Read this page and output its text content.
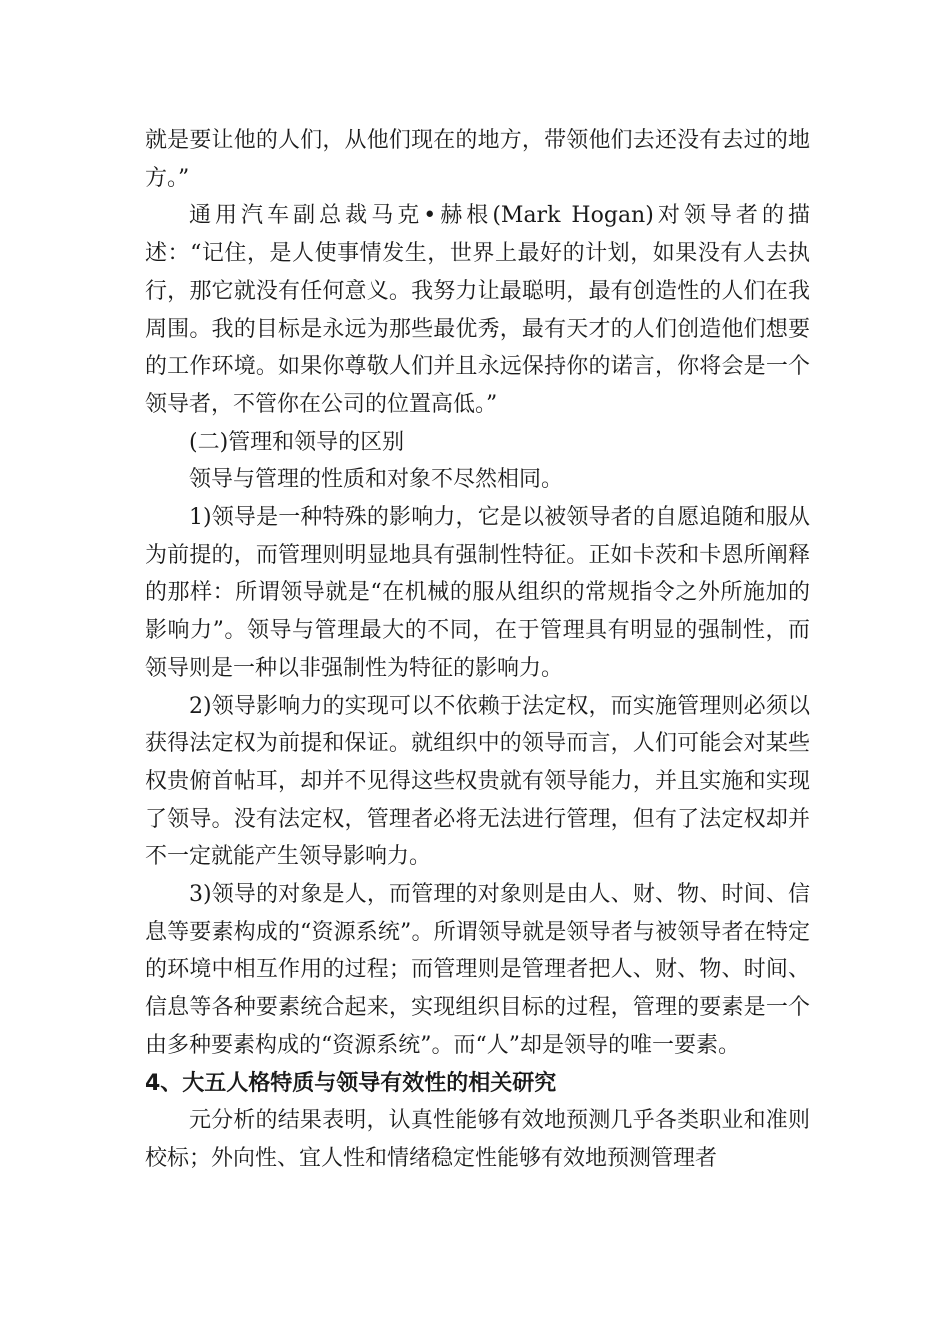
就是要让他的人们，从他们现在的地方，带领他们去还没有去过的地方。”

通用汽车副总裁马克•赫根(Mark Hogan)对领导者的描述：“记住，是人使事情发生，世界上最好的计划，如果没有人去执行，那它就没有任何意义。我努力让最聪明，最有创造性的人们在我周围。我的目标是永远为那些最优秀，最有天才的人们创造他们想要的工作环境。如果你尊敬人们并且永远保持你的诺言，你将会是一个领导者，不管你在公司的位置高低。”

(二)管理和领导的区别

领导与管理的性质和对象不尽然相同。

1)领导是一种特殊的影响力，它是以被领导者的自愿追随和服从为前提的，而管理则明显地具有强制性特征。正如卡茨和卡恩所阐释的那样：所谓领导就是“在机械的服从组织的常规指令之外所施加的影响力”。领导与管理最大的不同，在于管理具有明显的强制性，而领导则是一种以非强制性为特征的影响力。

2)领导影响力的实现可以不依赖于法定权，而实施管理则必须以获得法定权为前提和保证。就组织中的领导而言，人们可能会对某些权贵俯首帖耳，却并不见得这些权贵就有领导能力，并且实施和实现了领导。没有法定权，管理者必将无法进行管理，但有了法定权却并不一定就能产生领导影响力。

3)领导的对象是人，而管理的对象则是由人、财、物、时间、信息等要素构成的“资源系统”。所谓领导就是领导者与被领导者在特定的环境中相互作用的过程；而管理则是管理者把人、财、物、时间、信息等各种要素统合起来，实现组织目标的过程，管理的要素是一个由多种要素构成的“资源系统”。而“人”却是领导的唯一要素。

4、大五人格特质与领导有效性的相关研究

元分析的结果表明，认真性能够有效地预测几乎各类职业和准则校标；外向性、宜人性和情绪稳定性能够有效地预测管理者
